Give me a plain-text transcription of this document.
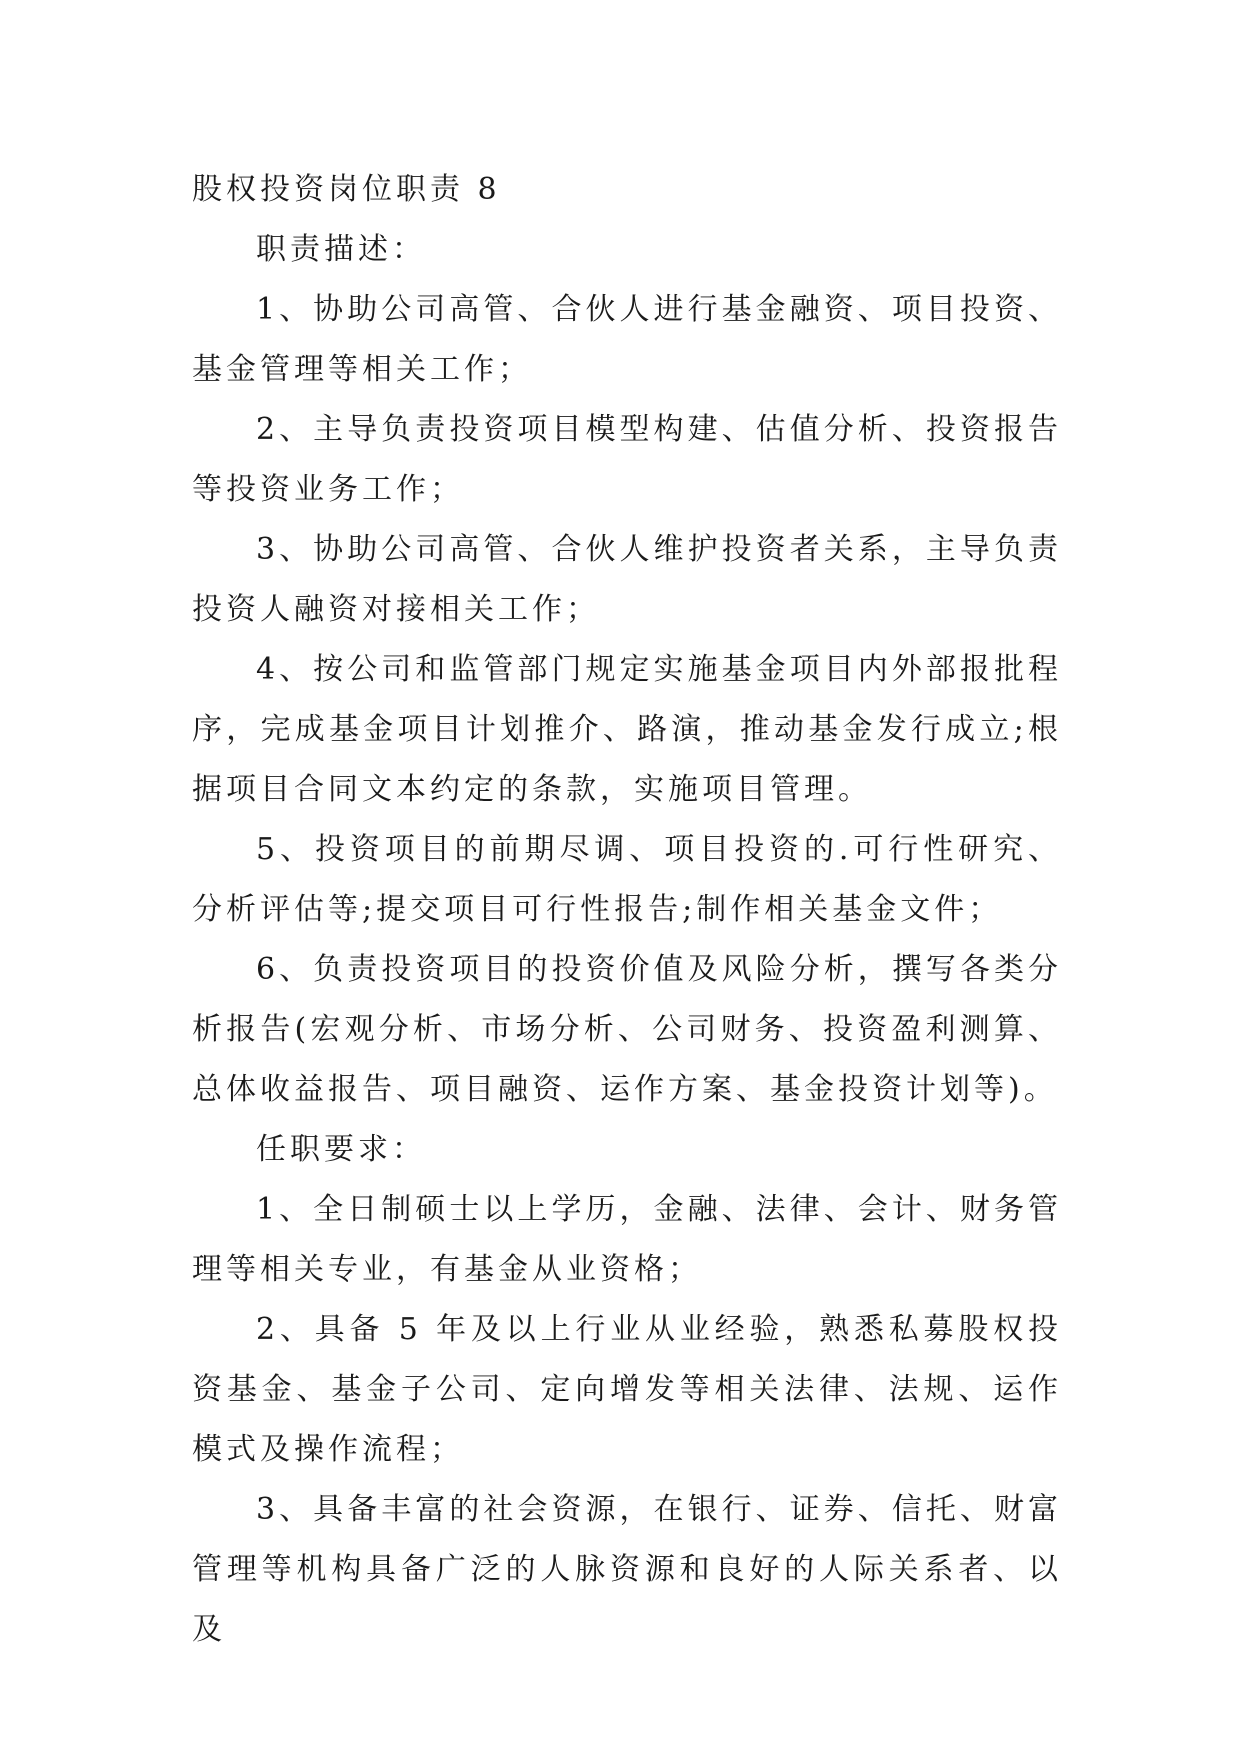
股权投资岗位职责 8

职责描述：

1、协助公司高管、合伙人进行基金融资、项目投资、基金管理等相关工作；

2、主导负责投资项目模型构建、估值分析、投资报告等投资业务工作；

3、协助公司高管、合伙人维护投资者关系，主导负责投资人融资对接相关工作；

4、按公司和监管部门规定实施基金项目内外部报批程序，完成基金项目计划推介、路演，推动基金发行成立;根据项目合同文本约定的条款，实施项目管理。

5、投资项目的前期尽调、项目投资的.可行性研究、分析评估等;提交项目可行性报告;制作相关基金文件；

6、负责投资项目的投资价值及风险分析，撰写各类分析报告(宏观分析、市场分析、公司财务、投资盈利测算、总体收益报告、项目融资、运作方案、基金投资计划等)。

任职要求：

1、全日制硕士以上学历，金融、法律、会计、财务管理等相关专业，有基金从业资格；

2、具备 5 年及以上行业从业经验，熟悉私募股权投资基金、基金子公司、定向增发等相关法律、法规、运作模式及操作流程；

3、具备丰富的社会资源，在银行、证券、信托、财富管理等机构具备广泛的人脉资源和良好的人际关系者、以及
